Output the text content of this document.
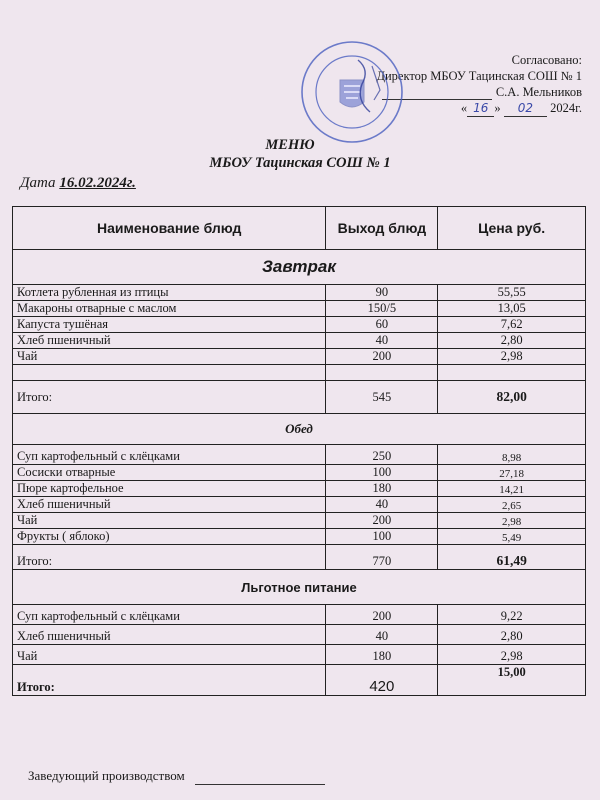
Согласовано:
Директор МБОУ Тацинская СОШ № 1
С.А. Мельников
« 16 » 02 2024г.
МЕНЮ
МБОУ Тацинская СОШ № 1
Дата 16.02.2024г.
Наименование блюд	Выход блюд	Цена руб.
Завтрак		
Котлета рубленная из птицы	90	55,55
Макароны отварные с маслом	150/5	13,05
Капуста тушёная	60	7,62
Хлеб пшеничный	40	2,80
Чай	200	2,98

Итого:	545	82,00
Обед		
Суп картофельный с клёцками	250	8,98
Сосиски отварные	100	27,18
Пюре картофельное	180	14,21
Хлеб пшеничный	40	2,65
Чай	200	2,98
Фрукты ( яблоко)	100	5,49
Итого:	770	61,49
Льготное питание		
Суп картофельный с клёцками	200	9,22
Хлеб пшеничный	40	2,80
Чай	180	2,98
Итого:	420	15,00
Заведующий производством
